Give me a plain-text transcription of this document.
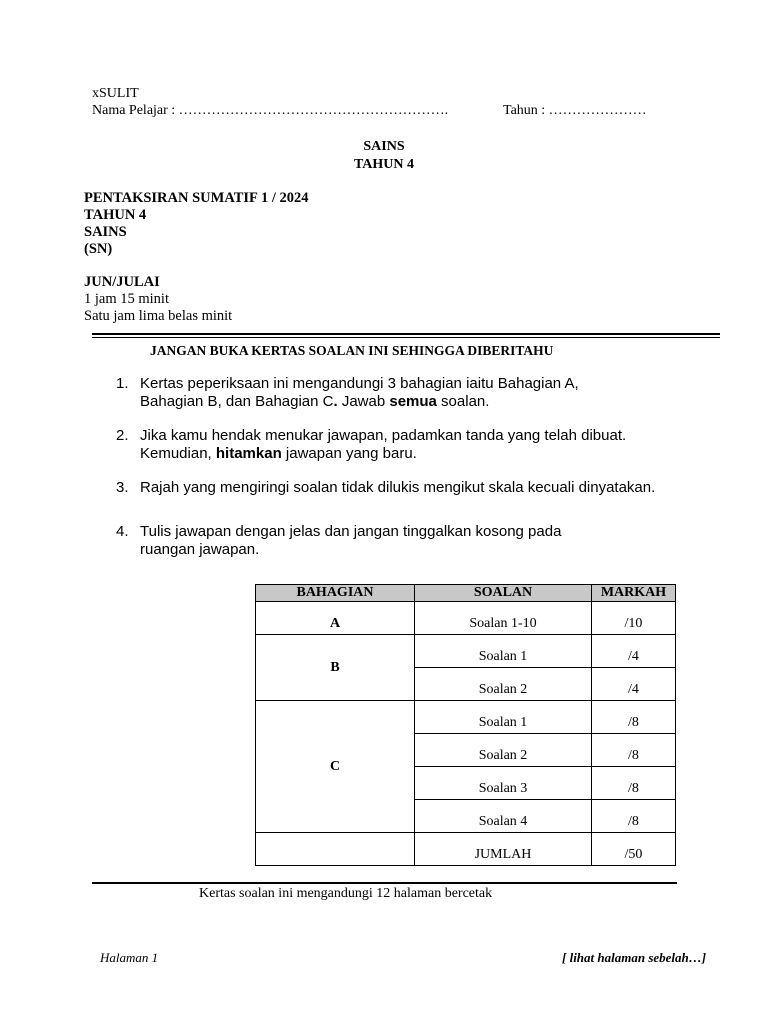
xSULIT
Nama Pelajar : ………………………………………………….	Tahun : …………………
SAINS
TAHUN 4
PENTAKSIRAN SUMATIF 1 / 2024
TAHUN 4
SAINS
(SN)
JUN/JULAI
1 jam 15 minit
Satu jam lima belas minit
JANGAN BUKA KERTAS SOALAN INI SEHINGGA DIBERITAHU
1. Kertas peperiksaan ini mengandungi 3 bahagian iaitu Bahagian A,
Bahagian B, dan Bahagian C. Jawab semua soalan.
2. Jika kamu hendak menukar jawapan, padamkan tanda yang telah dibuat.
Kemudian, hitamkan jawapan yang baru.
3. Rajah yang mengiringi soalan tidak dilukis mengikut skala kecuali dinyatakan.
4. Tulis jawapan dengan jelas dan jangan tinggalkan kosong pada
ruangan jawapan.
BAHAGIAN	SOALAN	MARKAH
A	Soalan 1-10	/10
B	Soalan 1	/4
	Soalan 2	/4
C	Soalan 1	/8
	Soalan 2	/8
	Soalan 3	/8
	Soalan 4	/8
	JUMLAH	/50
Kertas soalan ini mengandungi 12 halaman bercetak
Halaman 1	[ lihat halaman sebelah…]
